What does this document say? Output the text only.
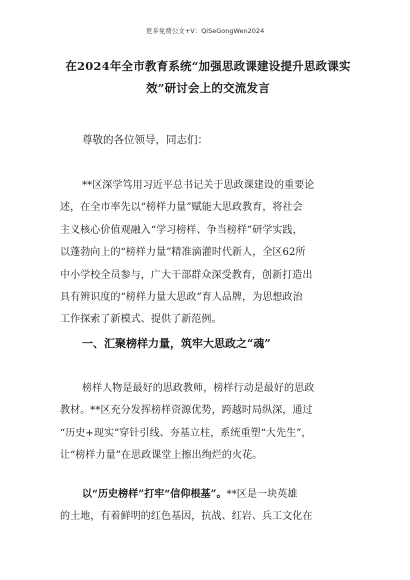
更多免费公文+V：QiSeGongWen2024
在2024年全市教育系统“加强思政课建设提升思政课实
效”研讨会上的交流发言
尊敬的各位领导，同志们：
**区深学笃用习近平总书记关于思政课建设的重要论
述，在全市率先以“榜样力量”赋能大思政教育，将社会
主义核心价值观融入“学习榜样、争当榜样”研学实践，
以蓬勃向上的“榜样力量”精准滴灌时代新人，全区62所
中小学校全员参与，广大干部群众深受教育，创新打造出
具有辨识度的“榜样力量大思政”育人品牌，为思想政治
工作探索了新模式、提供了新范例。
一、汇聚榜样力量，筑牢大思政之“魂”
榜样人物是最好的思政教师，榜样行动是最好的思政
教材。**区充分发挥榜样资源优势，跨越时局纵深，通过
“历史+现实”穿针引线、夯基立柱，系统重塑“大先生”，
让“榜样力量”在思政课堂上擦出绚烂的火花。
以“历史榜样”打牢“信仰根基”。**区是一块英雄
的土地，有着鲜明的红色基因，抗战、红岩、兵工文化在
